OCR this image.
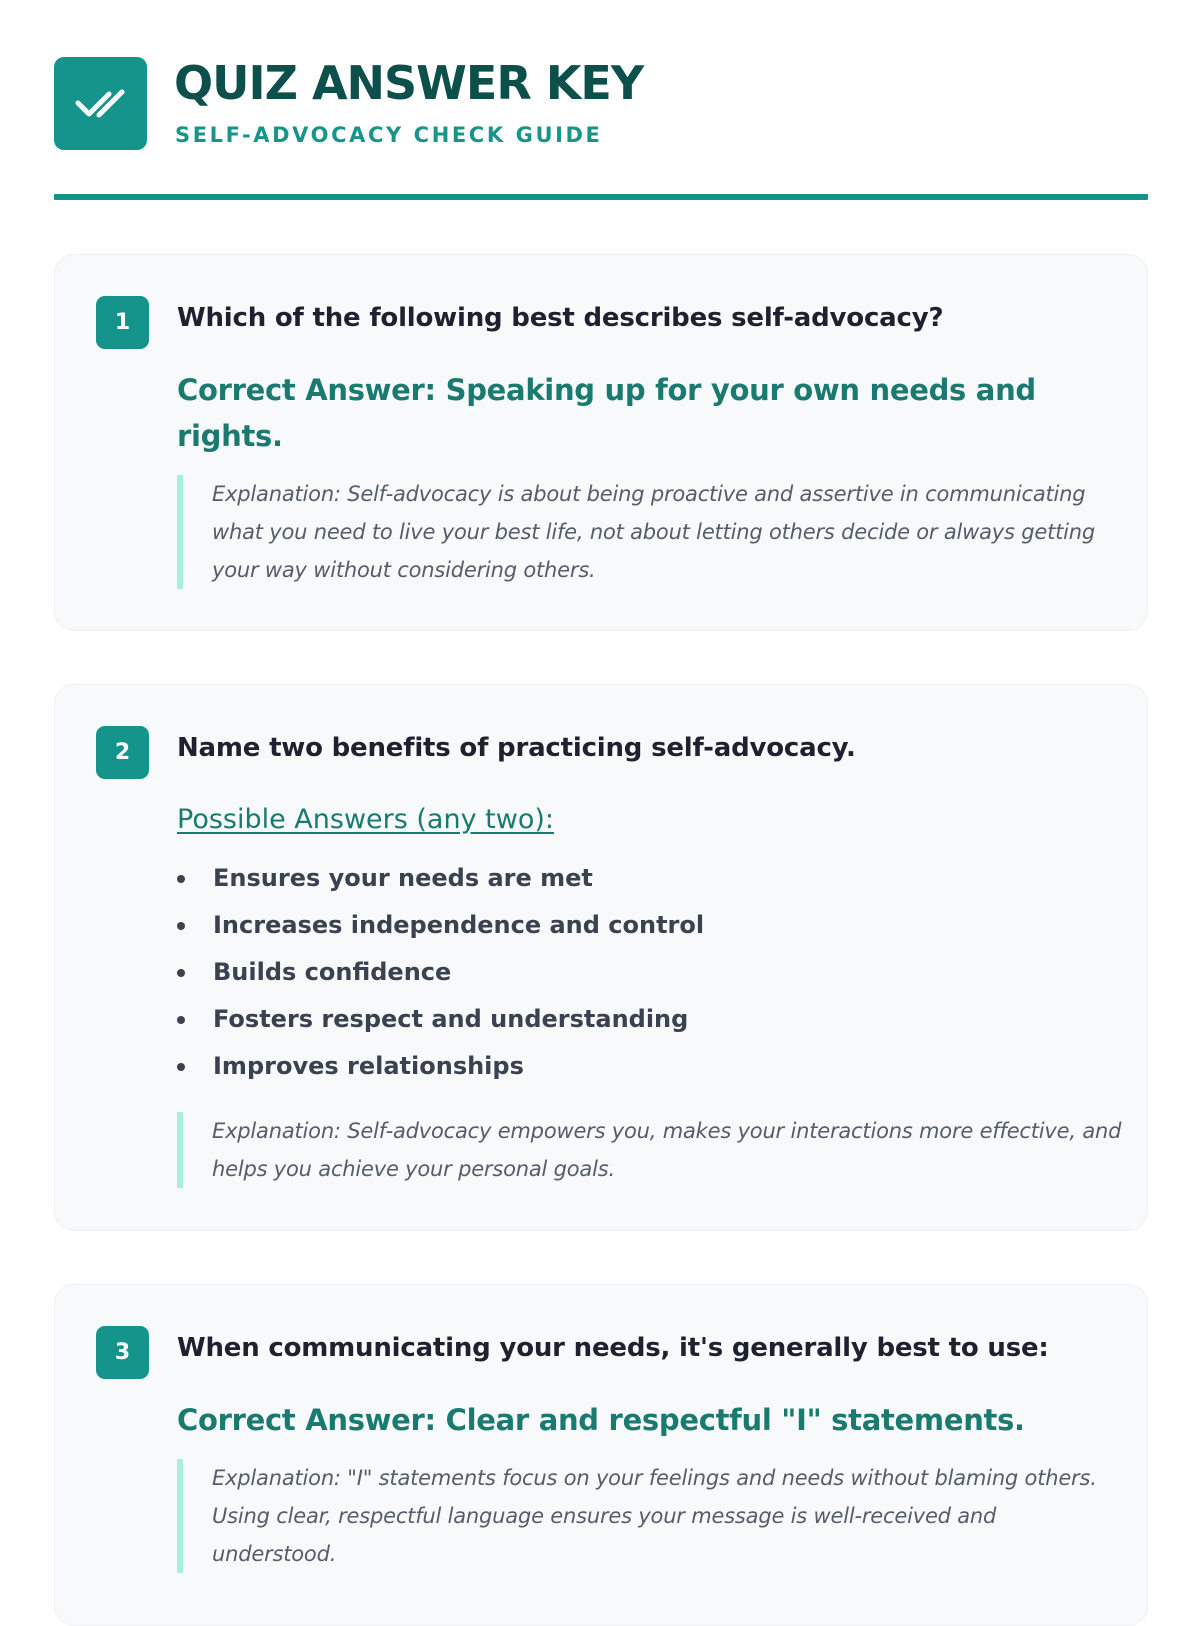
QUIZ ANSWER KEY
SELF-ADVOCACY CHECK GUIDE
1	Which of the following best describes self-advocacy?
Correct Answer: Speaking up for your own needs and rights.
Explanation: Self-advocacy is about being proactive and assertive in communicating what you need to live your best life, not about letting others decide or always getting your way without considering others.
2	Name two benefits of practicing self-advocacy.
Possible Answers (any two):
Ensures your needs are met
Increases independence and control
Builds confidence
Fosters respect and understanding
Improves relationships
Explanation: Self-advocacy empowers you, makes your interactions more effective, and helps you achieve your personal goals.
3	When communicating your needs, it's generally best to use:
Correct Answer: Clear and respectful "I" statements.
Explanation: "I" statements focus on your feelings and needs without blaming others. Using clear, respectful language ensures your message is well-received and understood.
